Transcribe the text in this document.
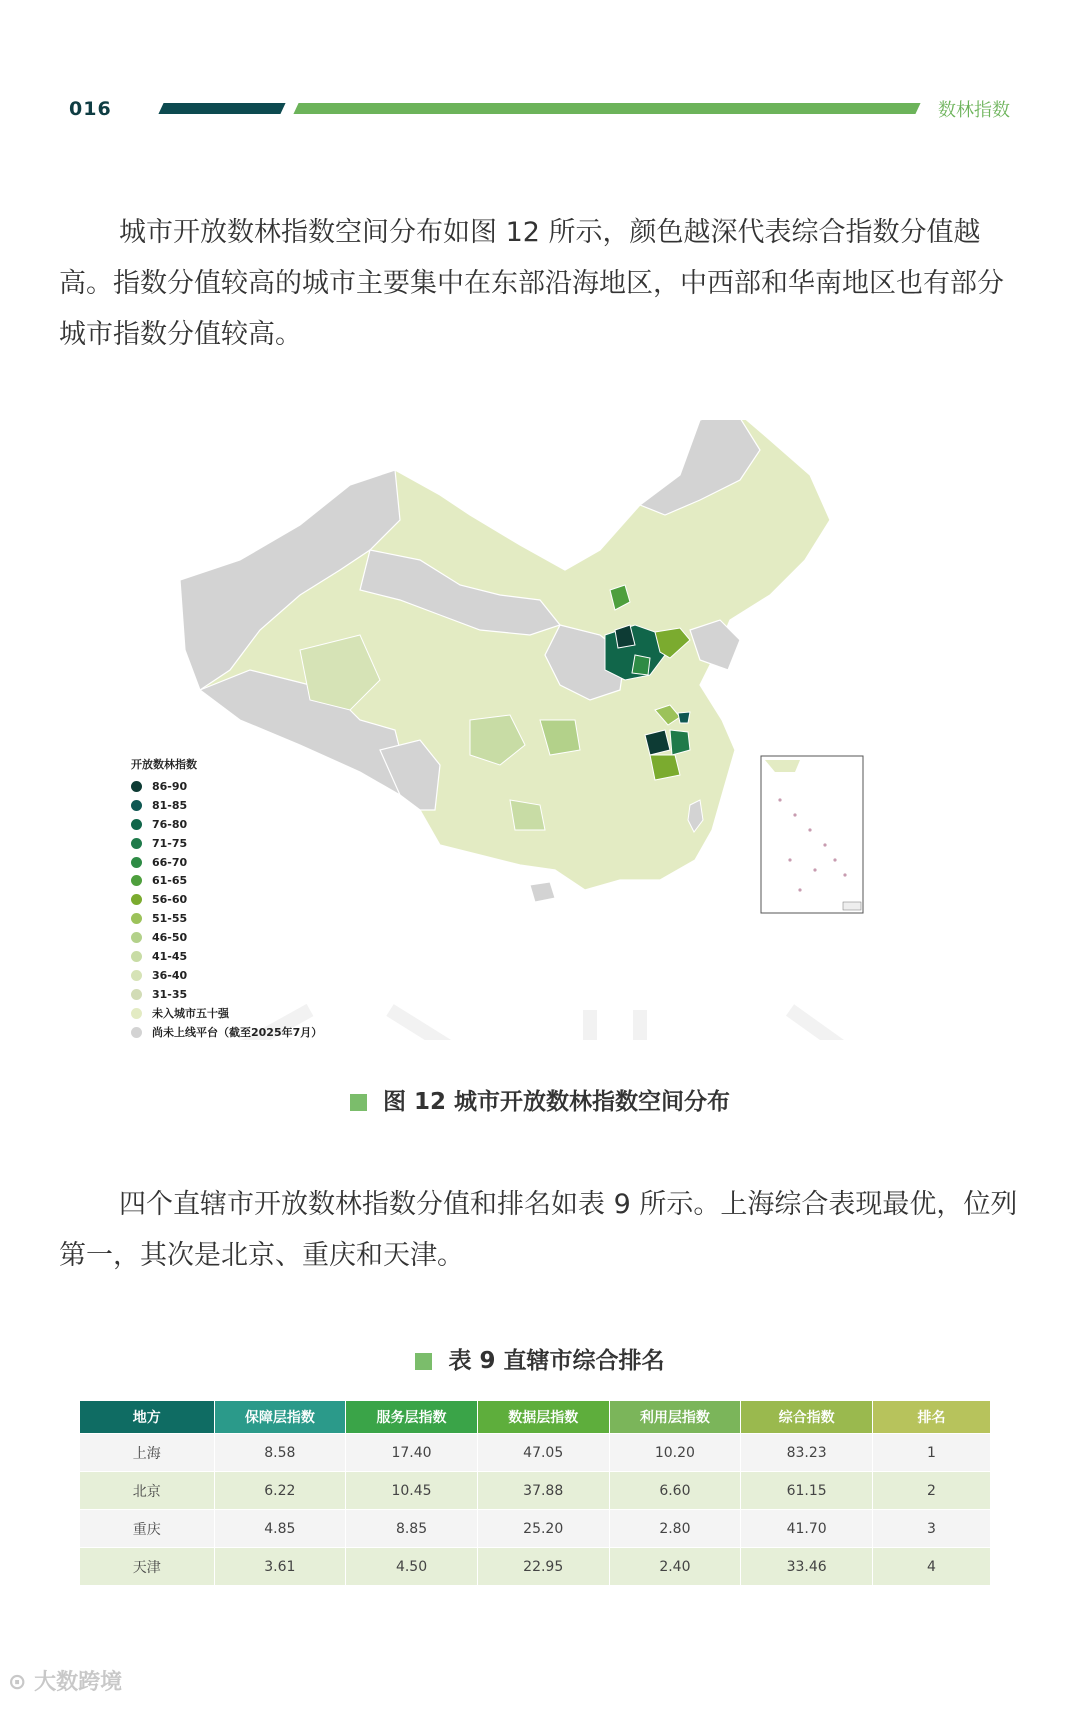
016	数林指数
城市开放数林指数空间分布如图 12 所示，颜色越深代表综合指数分值越高。指数分值较高的城市主要集中在东部沿海地区，中西部和华南地区也有部分城市指数分值较高。
开放数林指数
86-90
81-85
76-80
71-75
66-70
61-65
56-60
51-55
46-50
41-45
36-40
31-35
未入城市五十强
尚未上线平台（截至2025年7月）
图 12 城市开放数林指数空间分布
四个直辖市开放数林指数分值和排名如表 9 所示。上海综合表现最优，位列第一，其次是北京、重庆和天津。
表 9 直辖市综合排名
地方	保障层指数	服务层指数	数据层指数	利用层指数	综合指数	排名
上海	8.58	17.40	47.05	10.20	83.23	1
北京	6.22	10.45	37.88	6.60	61.15	2
重庆	4.85	8.85	25.20	2.80	41.70	3
天津	3.61	4.50	22.95	2.40	33.46	4
⊙ 大数跨境
